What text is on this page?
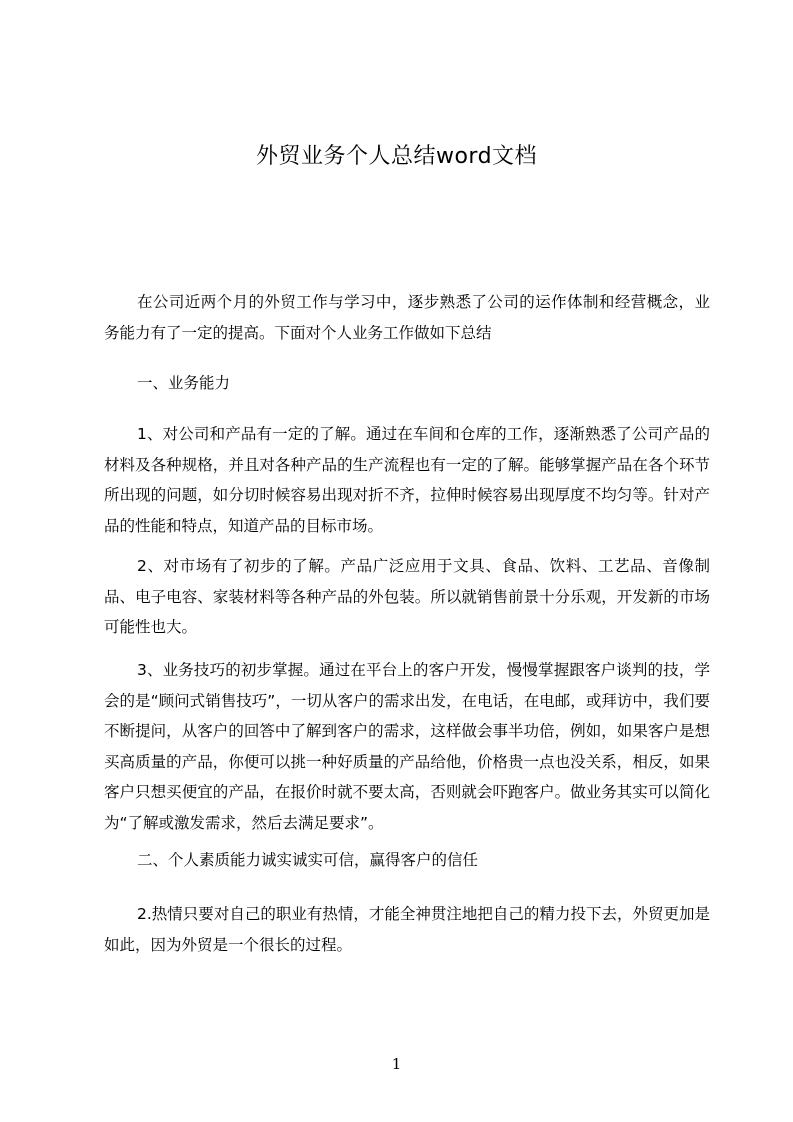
外贸业务个人总结word文档

在公司近两个月的外贸工作与学习中，逐步熟悉了公司的运作体制和经营概念，业务能力有了一定的提高。下面对个人业务工作做如下总结

一、业务能力

1、对公司和产品有一定的了解。通过在车间和仓库的工作，逐渐熟悉了公司产品的材料及各种规格，并且对各种产品的生产流程也有一定的了解。能够掌握产品在各个环节所出现的问题，如分切时候容易出现对折不齐，拉伸时候容易出现厚度不均匀等。针对产品的性能和特点，知道产品的目标市场。

2、对市场有了初步的了解。产品广泛应用于文具、食品、饮料、工艺品、音像制品、电子电容、家装材料等各种产品的外包装。所以就销售前景十分乐观，开发新的市场可能性也大。

3、业务技巧的初步掌握。通过在平台上的客户开发，慢慢掌握跟客户谈判的技，学会的是“顾问式销售技巧”，一切从客户的需求出发，在电话，在电邮，或拜访中，我们要不断提问，从客户的回答中了解到客户的需求，这样做会事半功倍，例如，如果客户是想买高质量的产品，你便可以挑一种好质量的产品给他，价格贵一点也没关系，相反，如果客户只想买便宜的产品，在报价时就不要太高，否则就会吓跑客户。做业务其实可以简化为“了解或激发需求，然后去满足要求”。

二、个人素质能力诚实诚实可信，赢得客户的信任

2.热情只要对自己的职业有热情，才能全神贯注地把自己的精力投下去，外贸更加是如此，因为外贸是一个很长的过程。

1
